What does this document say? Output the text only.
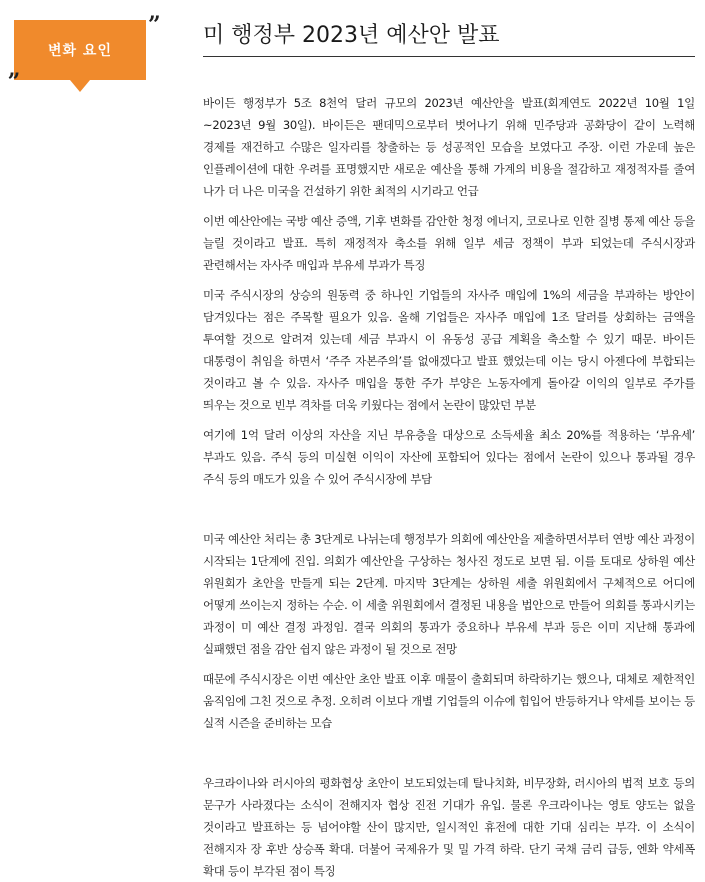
”
변화 요인
„
미 행정부 2023년 예산안 발표

바이든 행정부가 5조 8천억 달러 규모의 2023년 예산안을 발표(회계연도 2022년 10월 1일 ~2023년 9월 30일). 바이든은 팬데믹으로부터 벗어나기 위해 민주당과 공화당이 같이 노력해 경제를 재건하고 수많은 일자리를 창출하는 등 성공적인 모습을 보였다고 주장. 이런 가운데 높은 인플레이션에 대한 우려를 표명했지만 새로운 예산을 통해 가계의 비용을 절감하고 재정적자를 줄여 나가 더 나은 미국을 건설하기 위한 최적의 시기라고 언급

이번 예산안에는 국방 예산 증액, 기후 변화를 감안한 청정 에너지, 코로나로 인한 질병 통제 예산 등을 늘릴 것이라고 발표. 특히 재정적자 축소를 위해 일부 세금 정책이 부과 되었는데 주식시장과 관련해서는 자사주 매입과 부유세 부과가 특징

미국 주식시장의 상승의 원동력 중 하나인 기업들의 자사주 매입에 1%의 세금을 부과하는 방안이 담겨있다는 점은 주목할 필요가 있음. 올해 기업들은 자사주 매입에 1조 달러를 상회하는 금액을 투여할 것으로 알려져 있는데 세금 부과시 이 유동성 공급 계획을 축소할 수 있기 때문. 바이든 대통령이 취임을 하면서 ‘주주 자본주의’를 없애겠다고 발표 했었는데 이는 당시 아젠다에 부합되는 것이라고 볼 수 있음. 자사주 매입을 통한 주가 부양은 노동자에게 돌아갈 이익의 일부로 주가를 띄우는 것으로 빈부 격차를 더욱 키웠다는 점에서 논란이 많았던 부분

여기에 1억 달러 이상의 자산을 지닌 부유층을 대상으로 소득세율 최소 20%를 적용하는 ‘부유세’ 부과도 있음. 주식 등의 미실현 이익이 자산에 포함되어 있다는 점에서 논란이 있으나 통과될 경우 주식 등의 매도가 있을 수 있어 주식시장에 부담

미국 예산안 처리는 총 3단계로 나뉘는데 행정부가 의회에 예산안을 제출하면서부터 연방 예산 과정이 시작되는 1단계에 진입. 의회가 예산안을 구상하는 청사진 정도로 보면 됨. 이를 토대로 상하원 예산 위원회가 초안을 만들게 되는 2단계. 마지막 3단계는 상하원 세출 위원회에서 구체적으로 어디에 어떻게 쓰이는지 정하는 수순. 이 세출 위원회에서 결정된 내용을 법안으로 만들어 의회를 통과시키는 과정이 미 예산 결정 과정임. 결국 의회의 통과가 중요하나 부유세 부과 등은 이미 지난해 통과에 실패했던 점을 감안 쉽지 않은 과정이 될 것으로 전망

때문에 주식시장은 이번 예산안 초안 발표 이후 매물이 출회되며 하락하기는 했으나, 대체로 제한적인 움직임에 그친 것으로 추정. 오히려 이보다 개별 기업들의 이슈에 힘입어 반등하거나 약세를 보이는 등 실적 시즌을 준비하는 모습

우크라이나와 러시아의 평화협상 초안이 보도되었는데 탈나치화, 비무장화, 러시아의 법적 보호 등의 문구가 사라졌다는 소식이 전해지자 협상 진전 기대가 유입. 물론 우크라이나는 영토 양도는 없을 것이라고 발표하는 등 넘어야할 산이 많지만, 일시적인 휴전에 대한 기대 심리는 부각. 이 소식이 전해지자 장 후반 상승폭 확대. 더불어 국제유가 및 밀 가격 하락. 단기 국채 금리 급등, 엔화 약세폭 확대 등이 부각된 점이 특징
